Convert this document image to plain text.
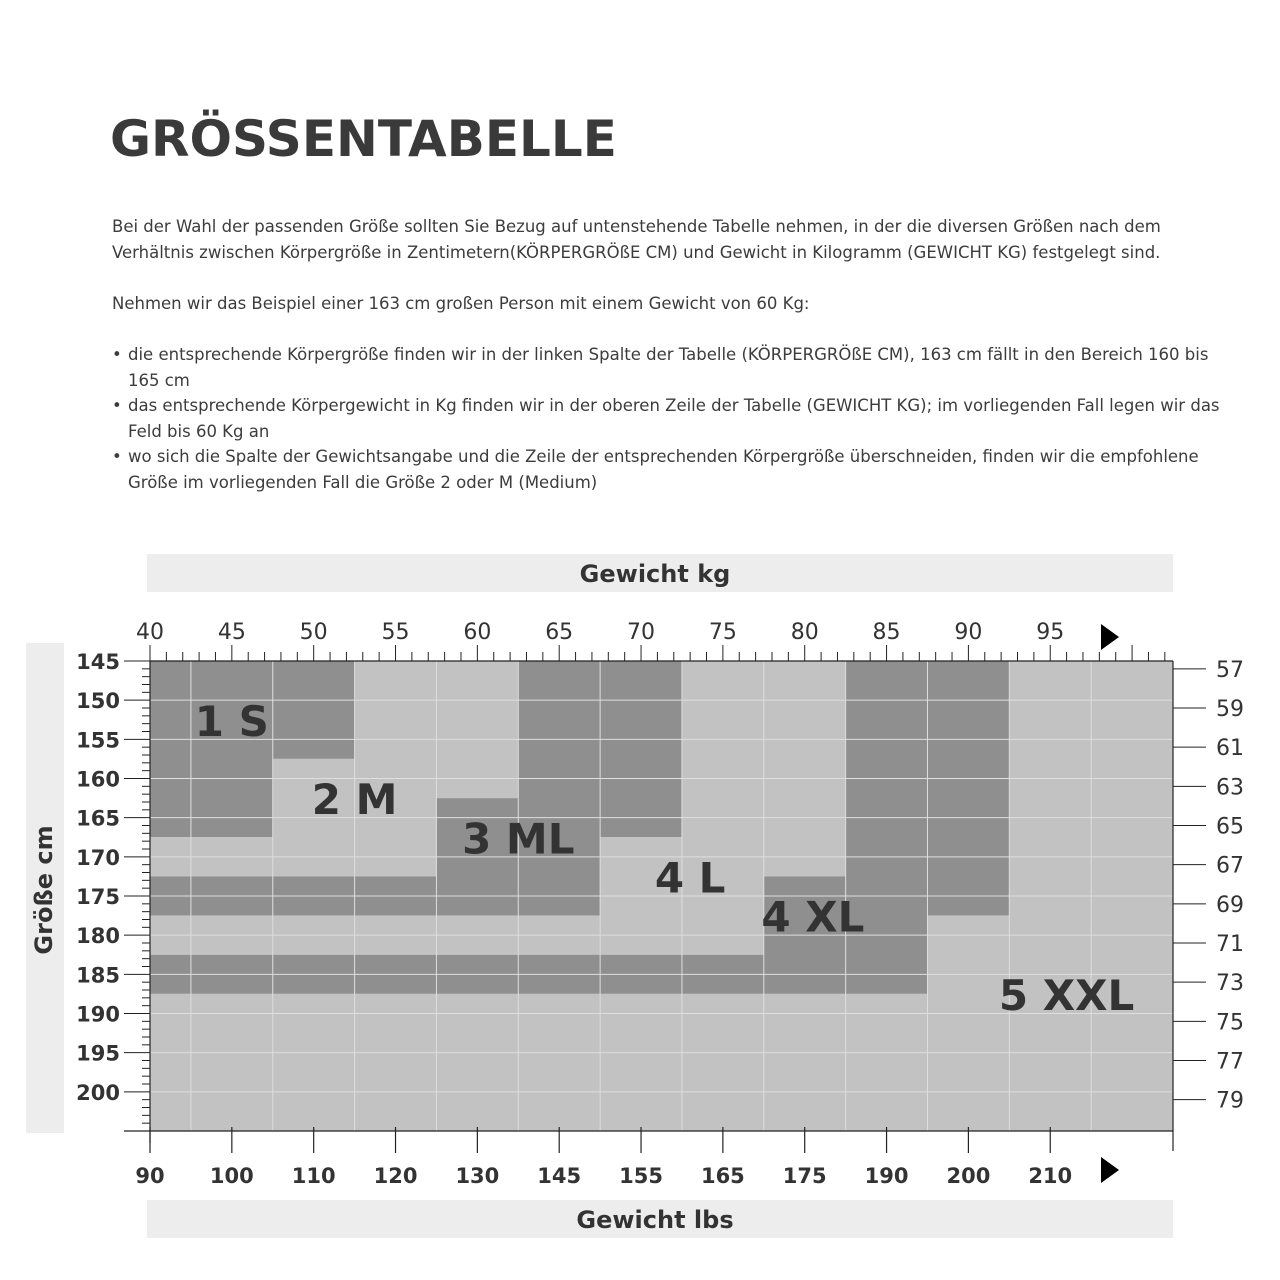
GRÖSSENTABELLE

Bei der Wahl der passenden Größe sollten Sie Bezug auf untenstehende Tabelle nehmen, in der die diversen Größen nach dem Verhältnis zwischen Körpergröße in Zentimetern(KÖRPERGRÖßE CM) und Gewicht in Kilogramm (GEWICHT KG) festgelegt sind.

Nehmen wir das Beispiel einer 163 cm großen Person mit einem Gewicht von 60 Kg:

• die entsprechende Körpergröße finden wir in der linken Spalte der Tabelle (KÖRPERGRÖßE CM), 163 cm fällt in den Bereich 160 bis 165 cm
• das entsprechende Körpergewicht in Kg finden wir in der oberen Zeile der Tabelle (GEWICHT KG); im vorliegenden Fall legen wir das Feld bis 60 Kg an
• wo sich die Spalte der Gewichtsangabe und die Zeile der entsprechenden Körpergröße überschneiden, finden wir die empfohlene Größe im vorliegenden Fall die Größe 2 oder M (Medium)
Gewicht kg
Gewicht lbs
Größe cm
40 45 50 55 60 65 70 75 80 85 90 95
145
150
155
160
165
170
175
180
185
190
195
200
57
59
61
63
65
67
69
71
73
75
77
79
90 100 110 120 130 145 155 165 175 190 200 210
1 S
2 M
3 ML
4 L
4 XL
5 XXL
